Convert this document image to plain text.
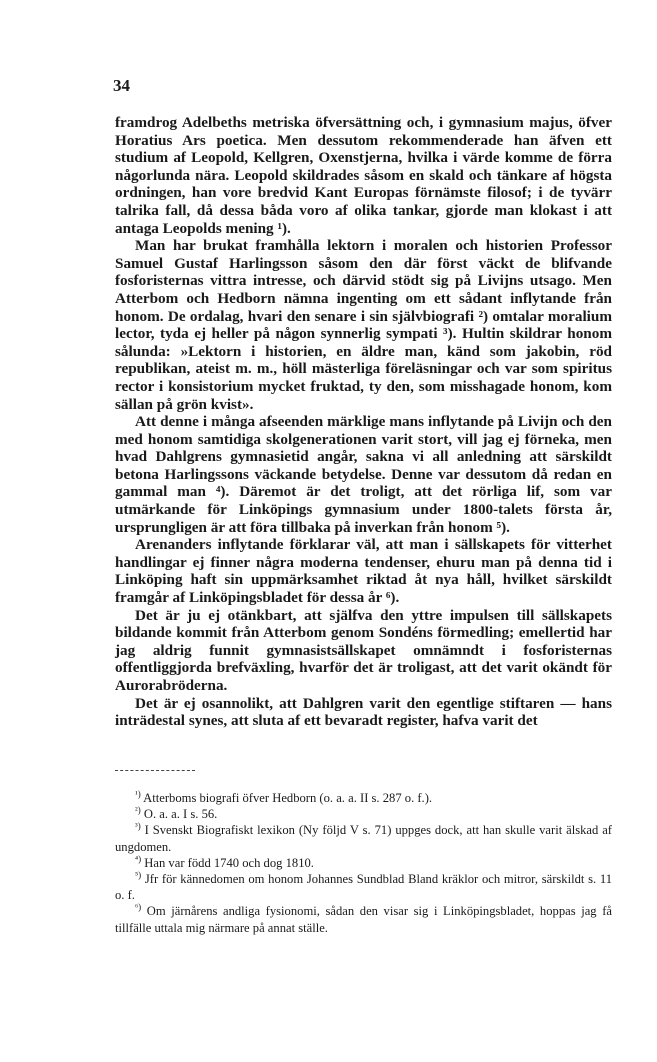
34

framdrog Adelbeths metriska öfversättning och, i gymnasium majus, öfver Horatius Ars poetica. Men dessutom rekommenderade han äfven ett studium af Leopold, Kellgren, Oxenstjerna, hvilka i värde komme de förra någorlunda nära. Leopold skildrades såsom en skald och tänkare af högsta ordningen, han vore bredvid Kant Europas förnämste filosof; i de tyvärr talrika fall, då dessa båda voro af olika tankar, gjorde man klokast i att antaga Leopolds mening ¹).

Man har brukat framhålla lektorn i moralen och historien Professor Samuel Gustaf Harlingsson såsom den där först väckt de blifvande fosforisternas vittra intresse, och därvid stödt sig på Livijns utsago. Men Atterbom och Hedborn nämna ingenting om ett sådant inflytande från honom. De ordalag, hvari den senare i sin självbiografi ²) omtalar moralium lector, tyda ej heller på någon synnerlig sympati ³). Hultin skildrar honom sålunda: »Lektorn i historien, en äldre man, känd som jakobin, röd republikan, ateist m. m., höll mästerliga föreläsningar och var som spiritus rector i konsistorium mycket fruktad, ty den, som misshagade honom, kom sällan på grön kvist».

Att denne i många afseenden märklige mans inflytande på Livijn och den med honom samtidiga skolgenerationen varit stort, vill jag ej förneka, men hvad Dahlgrens gymnasietid angår, sakna vi all anledning att särskildt betona Harlingssons väckande betydelse. Denne var dessutom då redan en gammal man ⁴). Däremot är det troligt, att det rörliga lif, som var utmärkande för Linköpings gymnasium under 1800-talets första år, ursprungligen är att föra tillbaka på inverkan från honom ⁵).

Arenanders inflytande förklarar väl, att man i sällskapets för vitterhet handlingar ej finner några moderna tendenser, ehuru man på denna tid i Linköping haft sin uppmärksamhet riktad åt nya håll, hvilket särskildt framgår af Linköpingsbladet för dessa år ⁶).

Det är ju ej otänkbart, att själfva den yttre impulsen till sällskapets bildande kommit från Atterbom genom Sondéns förmedling; emellertid har jag aldrig funnit gymnasistsällskapet omnämndt i fosforisternas offentliggjorda brefväxling, hvarför det är troligast, att det varit okändt för Aurorabröderna.

Det är ej osannolikt, att Dahlgren varit den egentlige stiftaren — hans inträdestal synes, att sluta af ett bevaradt register, hafva varit det

$^{^1)}$ Atterboms biografi öfver Hedborn (o. a. a. II s. 287 o. f.).

$^{^2)}$ O. a. a. I s. 56.

$^{^3)}$ I Svenskt Biografiskt lexikon (Ny följd V s. 71) uppges dock, att han skulle varit älskad af ungdomen.

$^{^4)}$ Han var född 1740 och dog 1810.

$^{^5)}$ Jfr för kännedomen om honom Johannes Sundblad Bland kräklor och mitror, särskildt s. 11 o. f.

$^{^6)}$ Om järnårens andliga fysionomi, sådan den visar sig i Linköpingsbladet, hoppas jag få tillfälle uttala mig närmare på annat ställe.
